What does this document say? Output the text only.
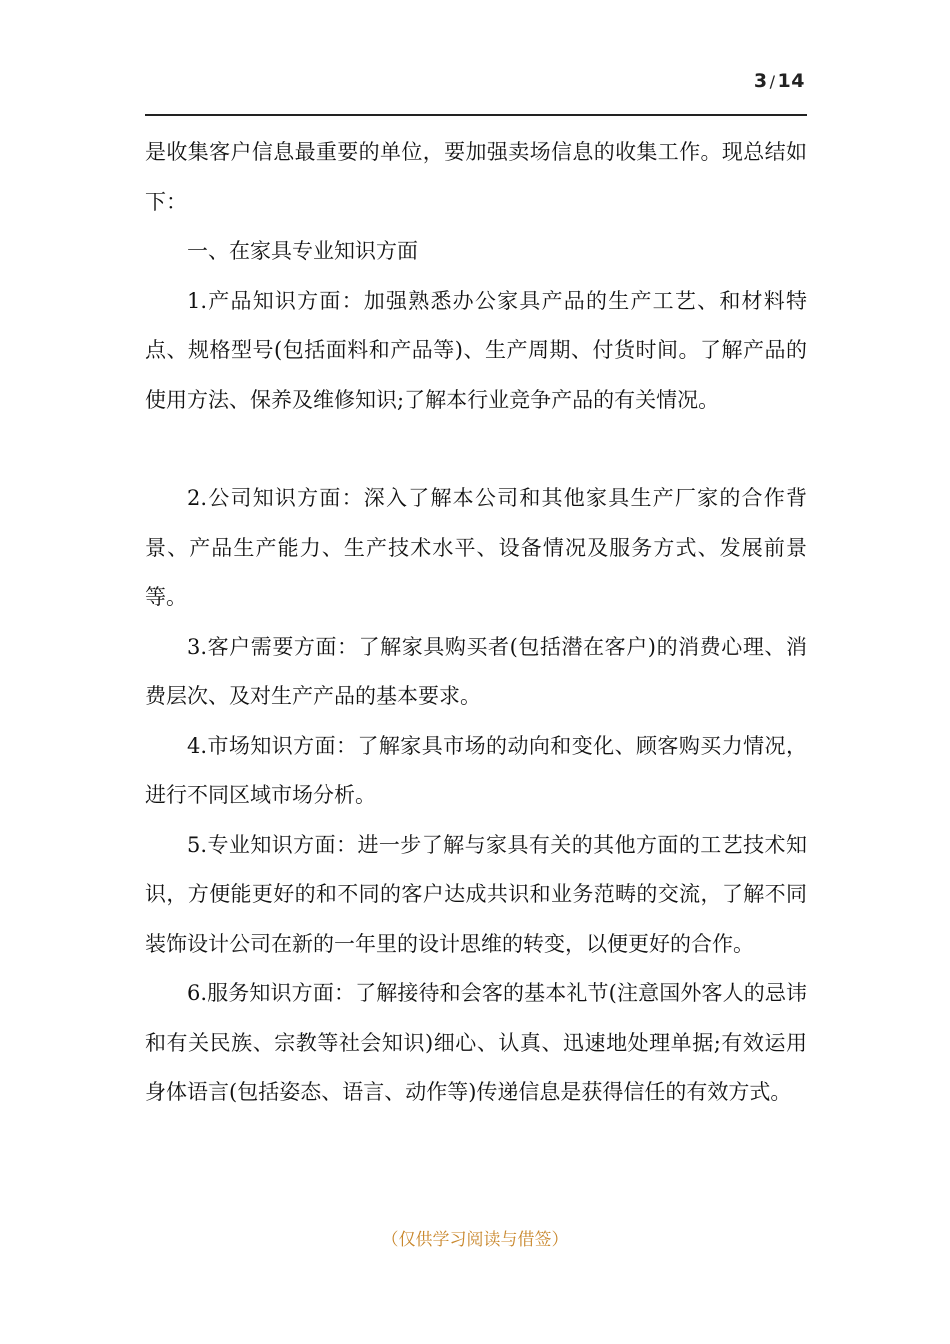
3 / 14

是收集客户信息最重要的单位，要加强卖场信息的收集工作。现总结如下：

一、在家具专业知识方面

1.产品知识方面：加强熟悉办公家具产品的生产工艺、和材料特点、规格型号(包括面料和产品等)、生产周期、付货时间。了解产品的使用方法、保养及维修知识;了解本行业竞争产品的有关情况。

2.公司知识方面：深入了解本公司和其他家具生产厂家的合作背景、产品生产能力、生产技术水平、设备情况及服务方式、发展前景等。

3.客户需要方面：了解家具购买者(包括潜在客户)的消费心理、消费层次、及对生产产品的基本要求。

4.市场知识方面：了解家具市场的动向和变化、顾客购买力情况，进行不同区域市场分析。

5.专业知识方面：进一步了解与家具有关的其他方面的工艺技术知识，方便能更好的和不同的客户达成共识和业务范畴的交流，了解不同装饰设计公司在新的一年里的设计思维的转变，以便更好的合作。

6.服务知识方面：了解接待和会客的基本礼节(注意国外客人的忌讳和有关民族、宗教等社会知识)细心、认真、迅速地处理单据;有效运用身体语言(包括姿态、语言、动作等)传递信息是获得信任的有效方式。

（仅供学习阅读与借签）
